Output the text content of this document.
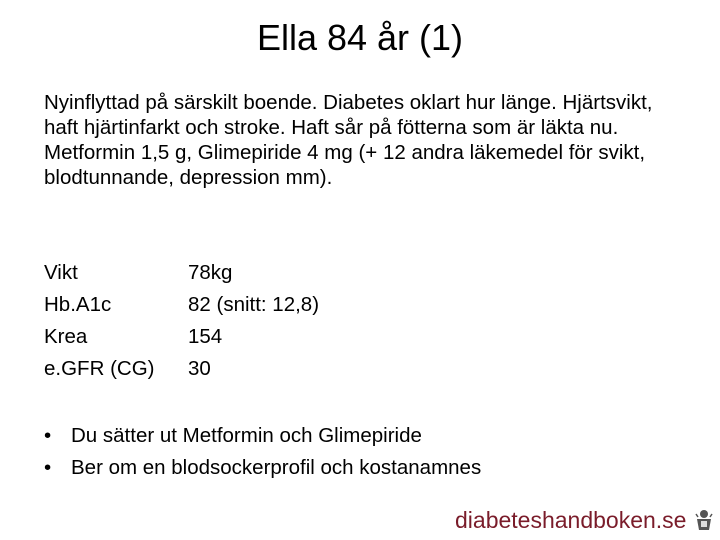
Ella 84 år (1)

Nyinflyttad på särskilt boende. Diabetes oklart hur länge. Hjärtsvikt, haft hjärtinfarkt och stroke. Haft sår på fötterna som är läkta nu. Metformin 1,5 g, Glimepiride 4 mg (+ 12 andra läkemedel för svikt, blodtunnande, depression mm).

Vikt	78kg
Hb.A1c	82 (snitt: 12,8)
Krea	154
e.GFR (CG)	30
• Du sätter ut Metformin och Glimepiride
• Ber om en blodsockerprofil och kostanamnes
diabeteshandboken.se
